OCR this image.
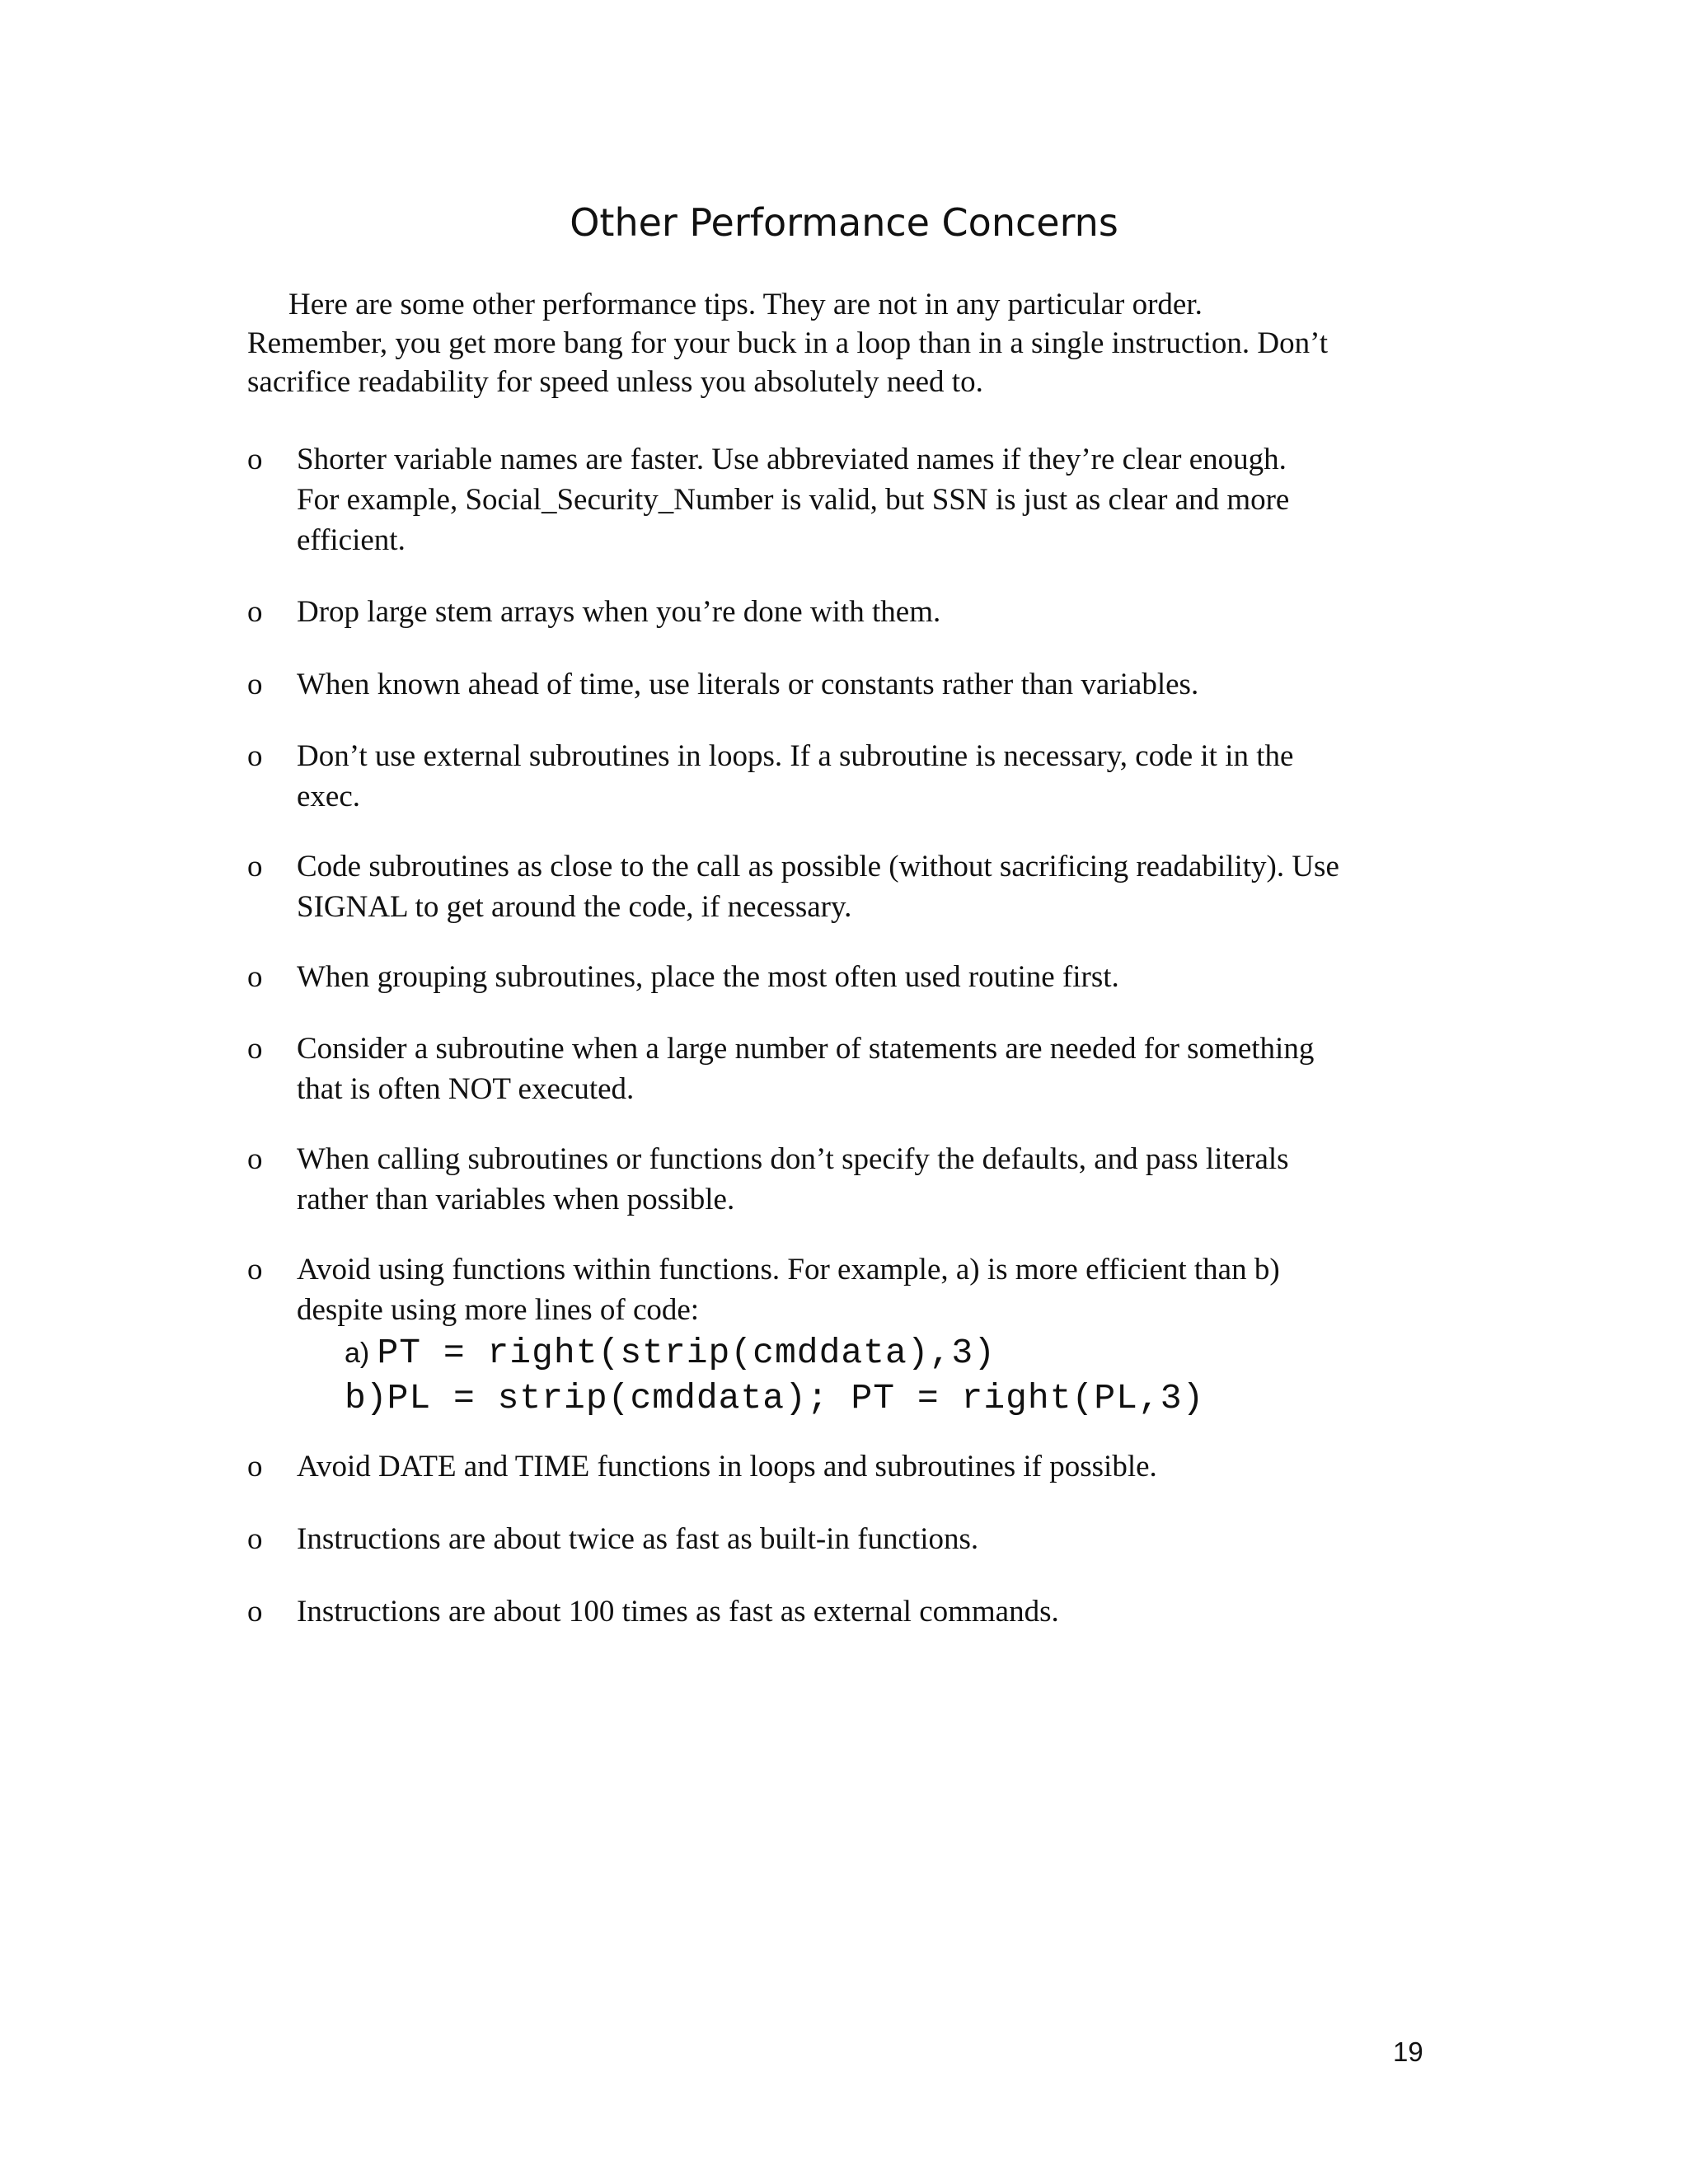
Other Performance Concerns
Here are some other performance tips. They are not in any particular order.
Remember, you get more bang for your buck in a loop than in a single instruction. Don’t
sacrifice readability for speed unless you absolutely need to.
o	Shorter variable names are faster. Use abbreviated names if they’re clear enough.
For example, Social_Security_Number is valid, but SSN is just as clear and more
efficient.
o	Drop large stem arrays when you’re done with them.
o	When known ahead of time, use literals or constants rather than variables.
o	Don’t use external subroutines in loops. If a subroutine is necessary, code it in the
exec.
o	Code subroutines as close to the call as possible (without sacrificing readability). Use
SIGNAL to get around the code, if necessary.
o	When grouping subroutines, place the most often used routine first.
o	Consider a subroutine when a large number of statements are needed for something
that is often NOT executed.
o	When calling subroutines or functions don’t specify the defaults, and pass literals
rather than variables when possible.
o	Avoid using functions within functions. For example, a) is more efficient than b)
despite using more lines of code:
a) PT = right(strip(cmddata),3)
b)PL = strip(cmddata); PT = right(PL,3)
o	Avoid DATE and TIME functions in loops and subroutines if possible.
o	Instructions are about twice as fast as built-in functions.
o	Instructions are about 100 times as fast as external commands.
19
